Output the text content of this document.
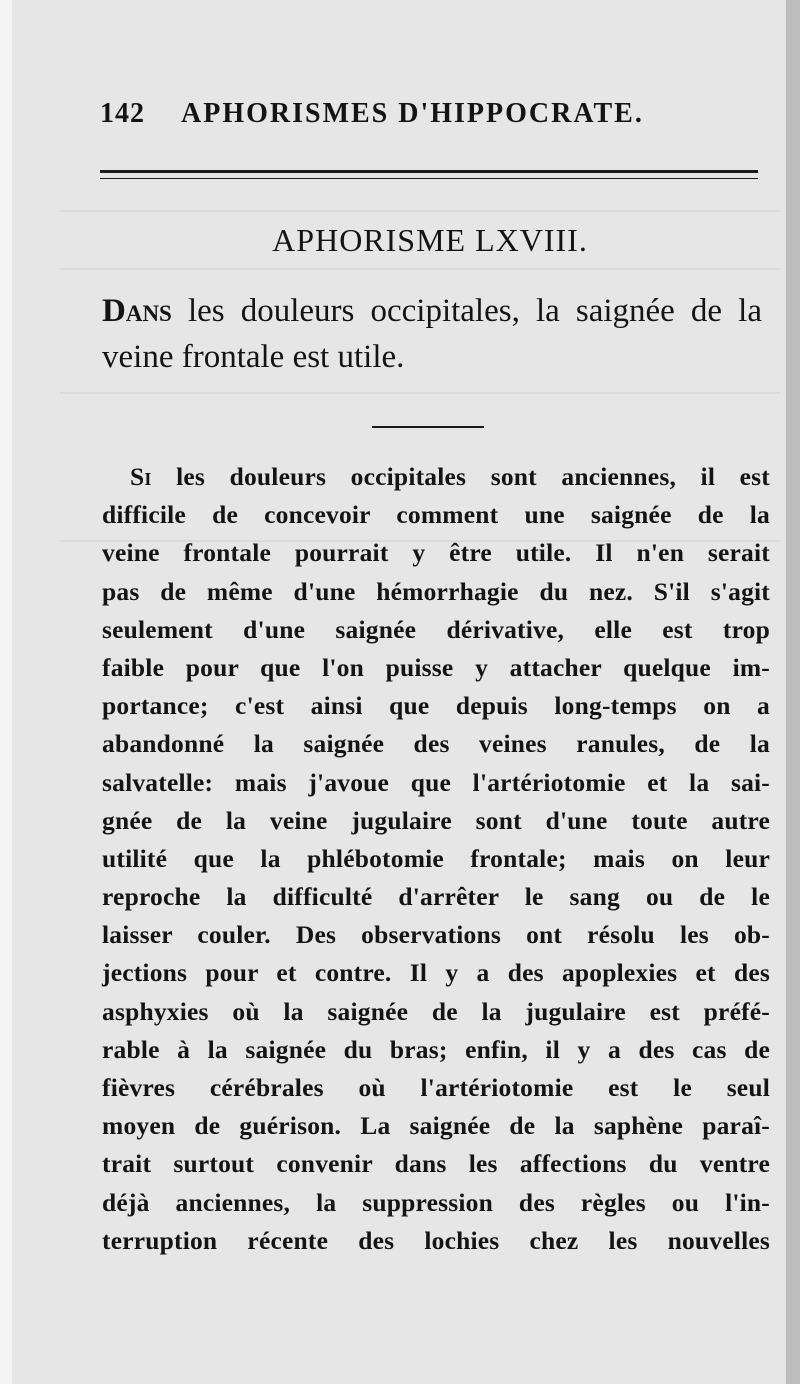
142 APHORISMES D'HIPPOCRATE.
APHORISME LXVIII.
Dans les douleurs occipitales, la saignée de la veine frontale est utile.
Si les douleurs occipitales sont anciennes, il est
difficile de concevoir comment une saignée de la
veine frontale pourrait y être utile. Il n'en serait
pas de même d'une hémorrhagie du nez. S'il s'agit
seulement d'une saignée dérivative, elle est trop
faible pour que l'on puisse y attacher quelque im-
portance; c'est ainsi que depuis long-temps on a
abandonné la saignée des veines ranules, de la
salvatelle: mais j'avoue que l'artériotomie et la sai-
gnée de la veine jugulaire sont d'une toute autre
utilité que la phlébotomie frontale; mais on leur
reproche la difficulté d'arrêter le sang ou de le
laisser couler. Des observations ont résolu les ob-
jections pour et contre. Il y a des apoplexies et des
asphyxies où la saignée de la jugulaire est préfé-
rable à la saignée du bras; enfin, il y a des cas de
fièvres cérébrales où l'artériotomie est le seul
moyen de guérison. La saignée de la saphène paraî-
trait surtout convenir dans les affections du ventre
déjà anciennes, la suppression des règles ou l'in-
terruption récente des lochies chez les nouvelles
